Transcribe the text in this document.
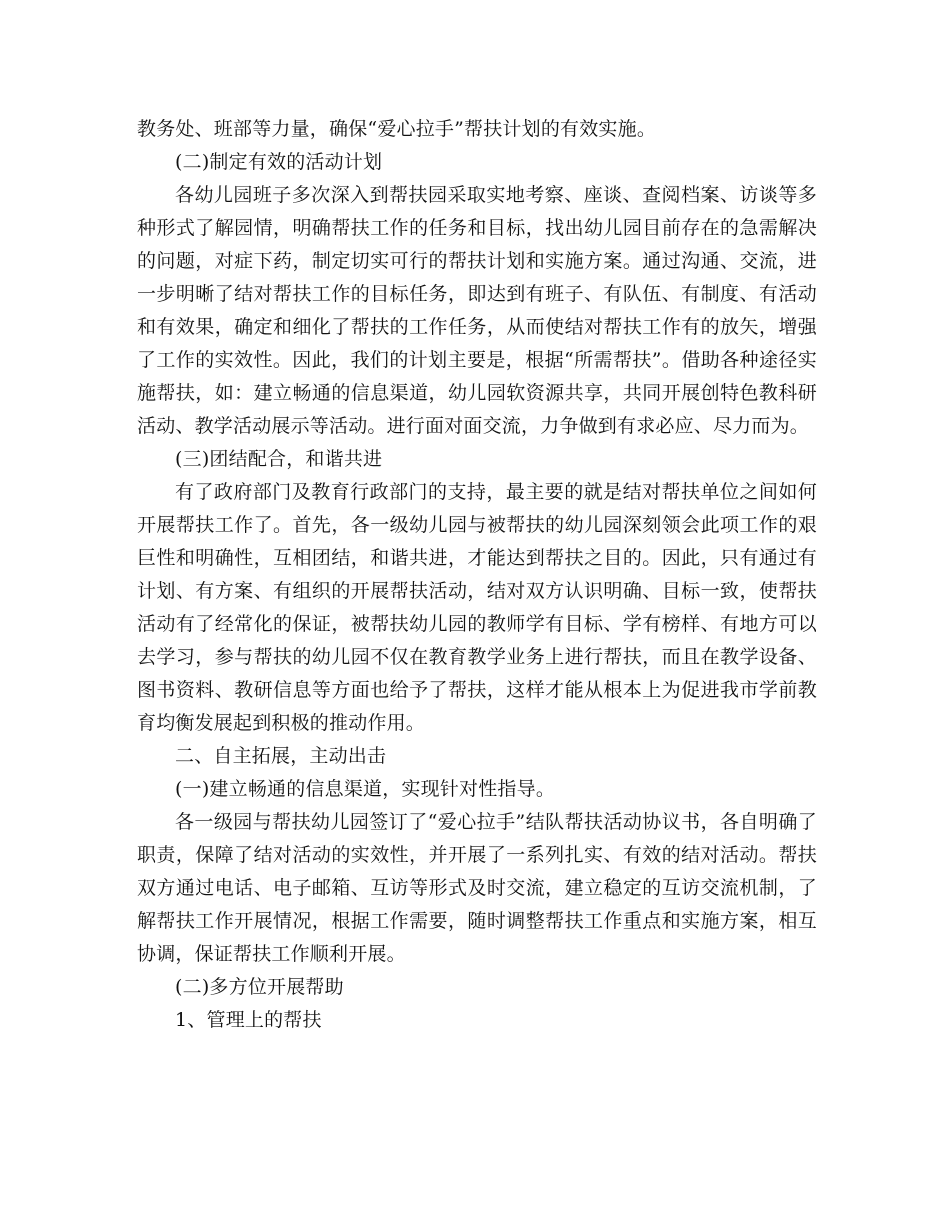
教务处、班部等力量，确保“爱心拉手”帮扶计划的有效实施。

(二)制定有效的活动计划

各幼儿园班子多次深入到帮扶园采取实地考察、座谈、查阅档案、访谈等多种形式了解园情，明确帮扶工作的任务和目标，找出幼儿园目前存在的急需解决的问题，对症下药，制定切实可行的帮扶计划和实施方案。通过沟通、交流，进一步明晰了结对帮扶工作的目标任务，即达到有班子、有队伍、有制度、有活动和有效果，确定和细化了帮扶的工作任务，从而使结对帮扶工作有的放矢，增强了工作的实效性。因此，我们的计划主要是，根据“所需帮扶”。借助各种途径实施帮扶，如：建立畅通的信息渠道，幼儿园软资源共享，共同开展创特色教科研活动、教学活动展示等活动。进行面对面交流，力争做到有求必应、尽力而为。

(三)团结配合，和谐共进

有了政府部门及教育行政部门的支持，最主要的就是结对帮扶单位之间如何开展帮扶工作了。首先，各一级幼儿园与被帮扶的幼儿园深刻领会此项工作的艰巨性和明确性，互相团结，和谐共进，才能达到帮扶之目的。因此，只有通过有计划、有方案、有组织的开展帮扶活动，结对双方认识明确、目标一致，使帮扶活动有了经常化的保证，被帮扶幼儿园的教师学有目标、学有榜样、有地方可以去学习，参与帮扶的幼儿园不仅在教育教学业务上进行帮扶，而且在教学设备、图书资料、教研信息等方面也给予了帮扶，这样才能从根本上为促进我市学前教育均衡发展起到积极的推动作用。

二、自主拓展，主动出击

(一)建立畅通的信息渠道，实现针对性指导。

各一级园与帮扶幼儿园签订了“爱心拉手”结队帮扶活动协议书，各自明确了职责，保障了结对活动的实效性，并开展了一系列扎实、有效的结对活动。帮扶双方通过电话、电子邮箱、互访等形式及时交流，建立稳定的互访交流机制，了解帮扶工作开展情况，根据工作需要，随时调整帮扶工作重点和实施方案，相互协调，保证帮扶工作顺利开展。

(二)多方位开展帮助

1、管理上的帮扶
